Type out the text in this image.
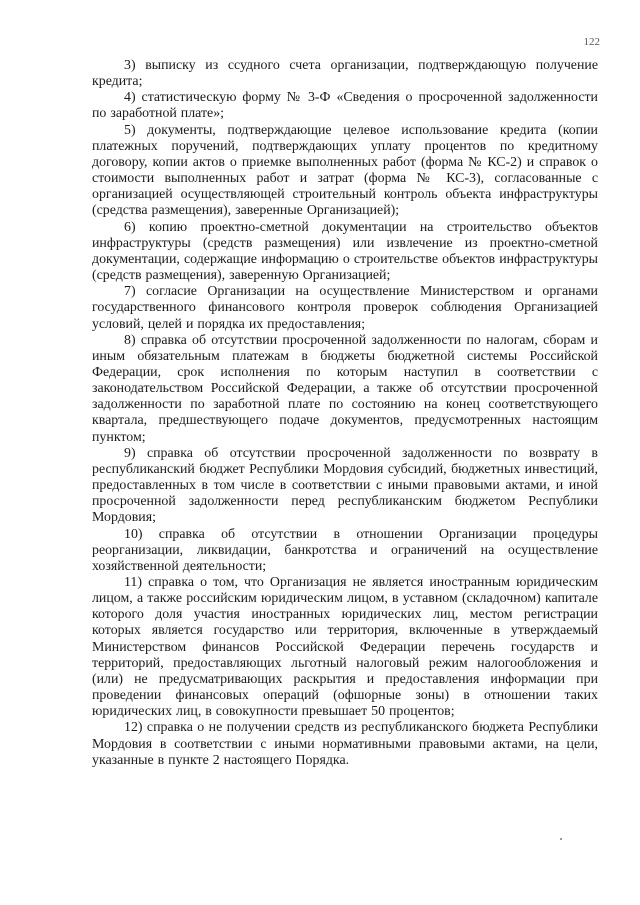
122

3) выписку из ссудного счета организации, подтверждающую получение кредита;

4) статистическую форму № 3-Ф «Сведения о просроченной задолженности по заработной плате»;

5) документы, подтверждающие целевое использование кредита (копии платежных поручений, подтверждающих уплату процентов по кредитному договору, копии актов о приемке выполненных работ (форма № КС-2) и справок о стоимости выполненных работ и затрат (форма № КС-3), согласованные с организацией осуществляющей строительный контроль объекта инфраструктуры (средства размещения), заверенные Организацией);

6) копию проектно-сметной документации на строительство объектов инфраструктуры (средств размещения) или извлечение из проектно-сметной документации, содержащие информацию о строительстве объектов инфраструктуры (средств размещения), заверенную Организацией;

7) согласие Организации на осуществление Министерством и органами государственного финансового контроля проверок соблюдения Организацией условий, целей и порядка их предоставления;

8) справка об отсутствии просроченной задолженности по налогам, сборам и иным обязательным платежам в бюджеты бюджетной системы Российской Федерации, срок исполнения по которым наступил в соответствии с законодательством Российской Федерации, а также об отсутствии просроченной задолженности по заработной плате по состоянию на конец соответствующего квартала, предшествующего подаче документов, предусмотренных настоящим пунктом;

9) справка об отсутствии просроченной задолженности по возврату в республиканский бюджет Республики Мордовия субсидий, бюджетных инвестиций, предоставленных в том числе в соответствии с иными правовыми актами, и иной просроченной задолженности перед республиканским бюджетом Республики Мордовия;

10) справка об отсутствии в отношении Организации процедуры реорганизации, ликвидации, банкротства и ограничений на осуществление хозяйственной деятельности;

11) справка о том, что Организация не является иностранным юридическим лицом, а также российским юридическим лицом, в уставном (складочном) капитале которого доля участия иностранных юридических лиц, местом регистрации которых является государство или территория, включенные в утверждаемый Министерством финансов Российской Федерации перечень государств и территорий, предоставляющих льготный налоговый режим налогообложения и (или) не предусматривающих раскрытия и предоставления информации при проведении финансовых операций (офшорные зоны) в отношении таких юридических лиц, в совокупности превышает 50 процентов;

12) справка о не получении средств из республиканского бюджета Республики Мордовия в соответствии с иными нормативными правовыми актами, на цели, указанные в пункте 2 настоящего Порядка.
